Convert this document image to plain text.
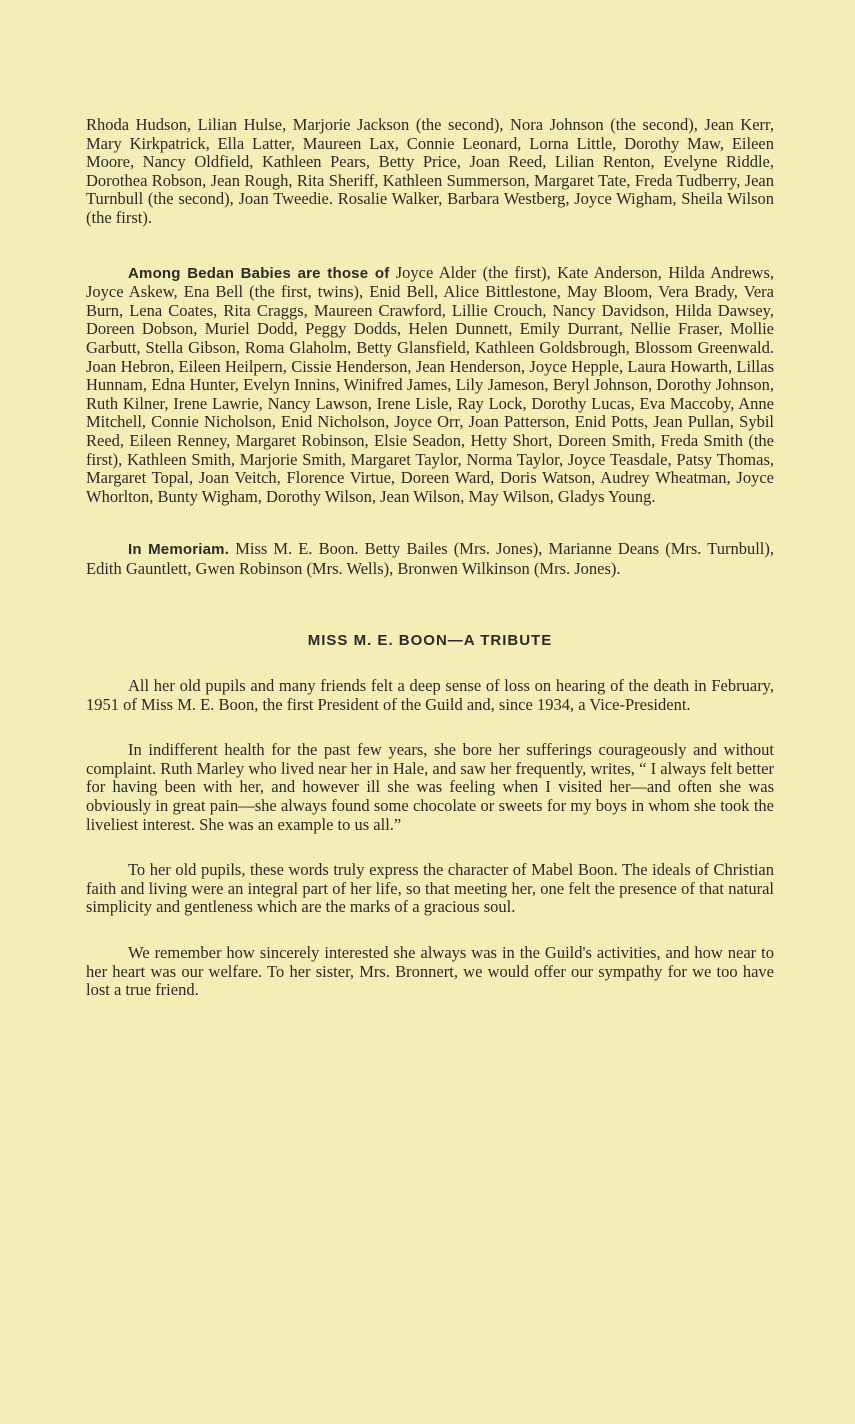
Rhoda Hudson, Lilian Hulse, Marjorie Jackson (the second), Nora Johnson (the second), Jean Kerr, Mary Kirkpatrick, Ella Latter, Maureen Lax, Connie Leonard, Lorna Little, Dorothy Maw, Eileen Moore, Nancy Oldfield, Kathleen Pears, Betty Price, Joan Reed, Lilian Renton, Evelyne Riddle, Dorothea Robson, Jean Rough, Rita Sheriff, Kathleen Summerson, Margaret Tate, Freda Tudberry, Jean Turnbull (the second), Joan Tweedie. Rosalie Walker, Barbara Westberg, Joyce Wigham, Sheila Wilson (the first).

Among Bedan Babies are those of Joyce Alder (the first), Kate Anderson, Hilda Andrews, Joyce Askew, Ena Bell (the first, twins), Enid Bell, Alice Bittlestone, May Bloom, Vera Brady, Vera Burn, Lena Coates, Rita Craggs, Maureen Crawford, Lillie Crouch, Nancy Davidson, Hilda Dawsey, Doreen Dobson, Muriel Dodd, Peggy Dodds, Helen Dunnett, Emily Durrant, Nellie Fraser, Mollie Garbutt, Stella Gibson, Roma Glaholm, Betty Glansfield, Kathleen Goldsbrough, Blossom Greenwald. Joan Hebron, Eileen Heilpern, Cissie Henderson, Jean Henderson, Joyce Hepple, Laura Howarth, Lillas Hunnam, Edna Hunter, Evelyn Innins, Winifred James, Lily Jameson, Beryl Johnson, Dorothy Johnson, Ruth Kilner, Irene Lawrie, Nancy Lawson, Irene Lisle, Ray Lock, Dorothy Lucas, Eva Maccoby, Anne Mitchell, Connie Nicholson, Enid Nicholson, Joyce Orr, Joan Patterson, Enid Potts, Jean Pullan, Sybil Reed, Eileen Renney, Margaret Robinson, Elsie Seadon, Hetty Short, Doreen Smith, Freda Smith (the first), Kathleen Smith, Marjorie Smith, Margaret Taylor, Norma Taylor, Joyce Teasdale, Patsy Thomas, Margaret Topal, Joan Veitch, Florence Virtue, Doreen Ward, Doris Watson, Audrey Wheatman, Joyce Whorlton, Bunty Wigham, Dorothy Wilson, Jean Wilson, May Wilson, Gladys Young.

In Memoriam. Miss M. E. Boon. Betty Bailes (Mrs. Jones), Marianne Deans (Mrs. Turnbull), Edith Gauntlett, Gwen Robinson (Mrs. Wells), Bronwen Wilkinson (Mrs. Jones).

MISS M. E. BOON—A TRIBUTE

All her old pupils and many friends felt a deep sense of loss on hearing of the death in February, 1951 of Miss M. E. Boon, the first President of the Guild and, since 1934, a Vice-President.

In indifferent health for the past few years, she bore her sufferings courageously and without complaint. Ruth Marley who lived near her in Hale, and saw her frequently, writes, “ I always felt better for having been with her, and however ill she was feeling when I visited her—and often she was obviously in great pain—she always found some chocolate or sweets for my boys in whom she took the liveliest interest. She was an example to us all.”

To her old pupils, these words truly express the character of Mabel Boon. The ideals of Christian faith and living were an integral part of her life, so that meeting her, one felt the presence of that natural simplicity and gentleness which are the marks of a gracious soul.

We remember how sincerely interested she always was in the Guild's activities, and how near to her heart was our welfare. To her sister, Mrs. Bronnert, we would offer our sympathy for we too have lost a true friend.
